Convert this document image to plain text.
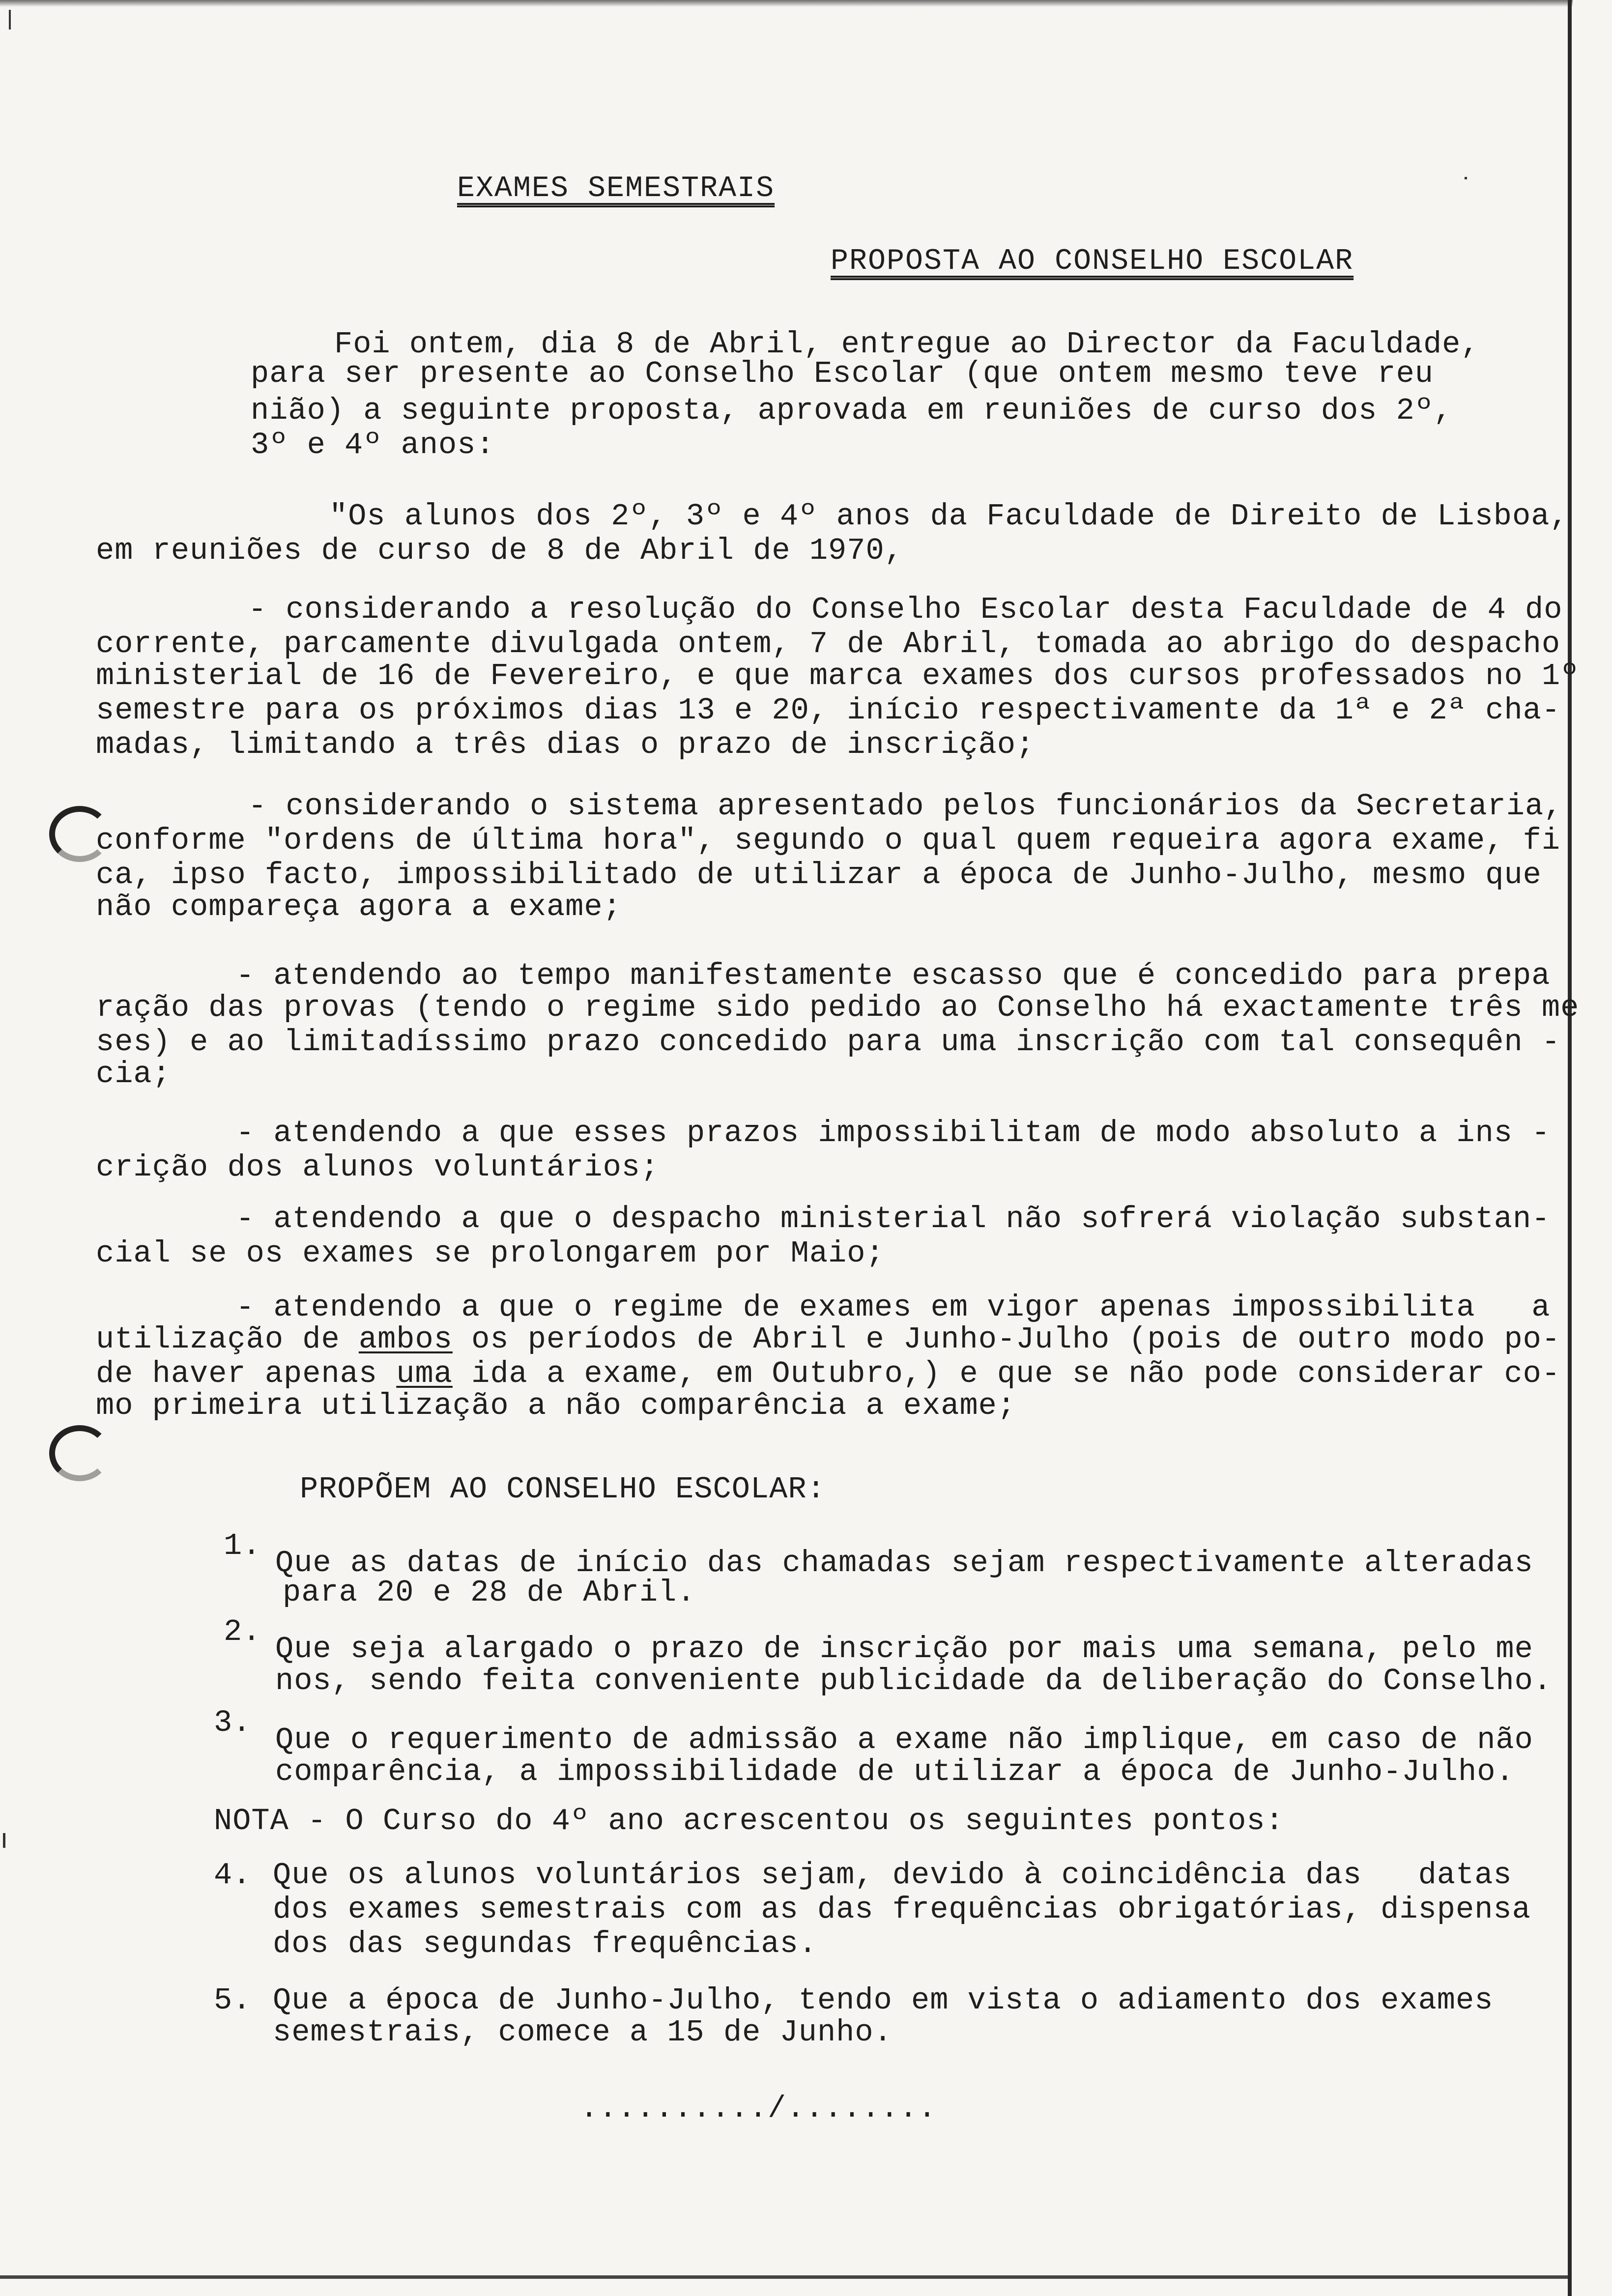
EXAMES SEMESTRAIS
PROPOSTA AO CONSELHO ESCOLAR
Foi ontem, dia 8 de Abril, entregue ao Director da Faculdade,
para ser presente ao Conselho Escolar (que ontem mesmo teve reu
nião) a seguinte proposta, aprovada em reuniões de curso dos 2º,
3º e 4º anos:
"Os alunos dos 2º, 3º e 4º anos da Faculdade de Direito de Lisboa,
em reuniões de curso de 8 de Abril de 1970,
- considerando a resolução do Conselho Escolar desta Faculdade de 4 do
corrente, parcamente divulgada ontem, 7 de Abril, tomada ao abrigo do despacho
ministerial de 16 de Fevereiro, e que marca exames dos cursos professados no 1º
semestre para os próximos dias 13 e 20, início respectivamente da 1ª e 2ª cha-
madas, limitando a três dias o prazo de inscrição;
- considerando o sistema apresentado pelos funcionários da Secretaria,
conforme "ordens de última hora", segundo o qual quem requeira agora exame, fi
ca, ipso facto, impossibilitado de utilizar a época de Junho-Julho, mesmo que
não compareça agora a exame;
- atendendo ao tempo manifestamente escasso que é concedido para prepa
ração das provas (tendo o regime sido pedido ao Conselho há exactamente três me
ses) e ao limitadíssimo prazo concedido para uma inscrição com tal consequên -
cia;
- atendendo a que esses prazos impossibilitam de modo absoluto a ins -
crição dos alunos voluntários;
- atendendo a que o despacho ministerial não sofrerá violação substan-
cial se os exames se prolongarem por Maio;
- atendendo a que o regime de exames em vigor apenas impossibilita   a
utilização de ambos os períodos de Abril e Junho-Julho (pois de outro modo po-
de haver apenas uma ida a exame, em Outubro,) e que se não pode considerar co-
mo primeira utilização a não comparência a exame;
PROPÕEM AO CONSELHO ESCOLAR:
1. Que as datas de início das chamadas sejam respectivamente alteradas
para 20 e 28 de Abril.
2. Que seja alargado o prazo de inscrição por mais uma semana, pelo me
nos, sendo feita conveniente publicidade da deliberação do Conselho.
3. Que o requerimento de admissão a exame não implique, em caso de não
comparência, a impossibilidade de utilizar a época de Junho-Julho.
NOTA - O Curso do 4º ano acrescentou os seguintes pontos:
4. Que os alunos voluntários sejam, devido à coincidência das   datas
dos exames semestrais com as das frequências obrigatórias, dispensa
dos das segundas frequências.
5. Que a época de Junho-Julho, tendo em vista o adiamento dos exames
semestrais, comece a 15 de Junho.
........../........
